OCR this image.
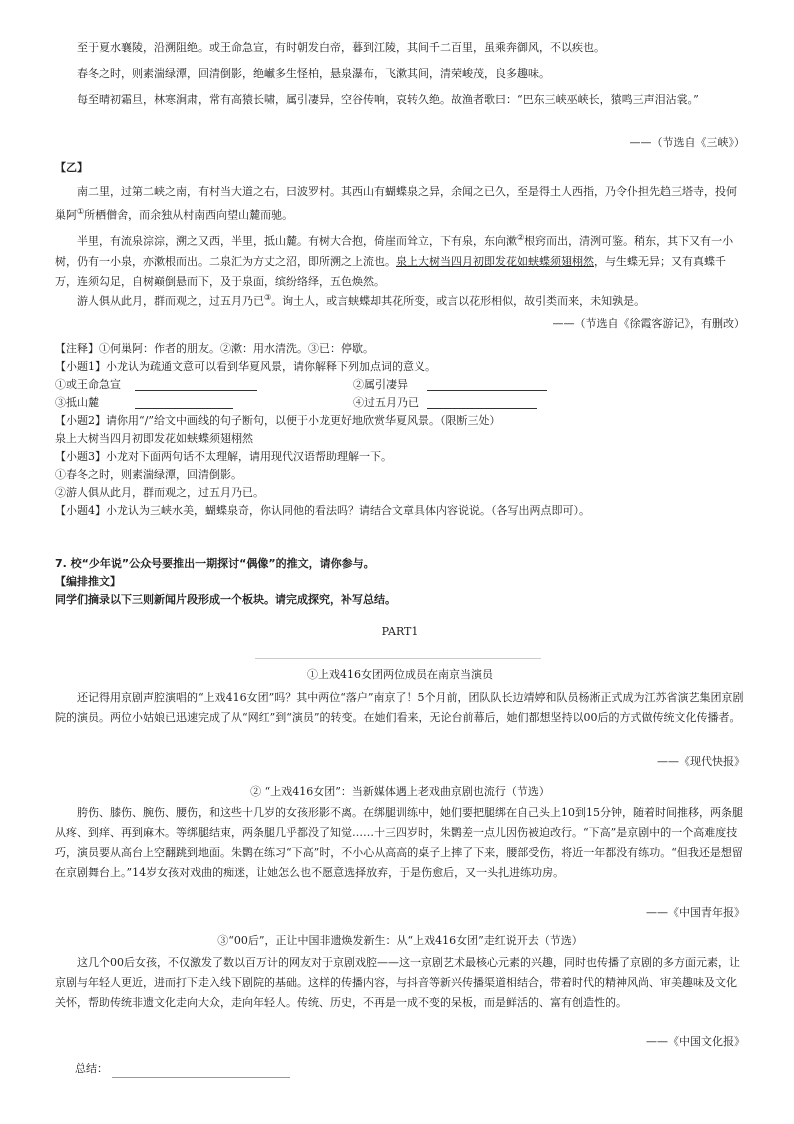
至于夏水襄陵，沿溯阻绝。或王命急宣，有时朝发白帝，暮到江陵，其间千二百里，虽乘奔御风，不以疾也。

春冬之时，则素湍绿潭，回清倒影，绝𪩘多生怪柏，悬泉瀑布，飞漱其间，清荣峻茂，良多趣味。

每至晴初霜旦，林寒涧肃，常有高猿长啸，属引凄异，空谷传响，哀转久绝。故渔者歌曰：“巴东三峡巫峡长，猿鸣三声泪沾裳。”

——（节选自《三峡》）

【乙】

南二里，过第二峡之南，有村当大道之右，曰波罗村。其西山有蝴蝶泉之异，余闻之已久，至是得土人西指，乃令仆担先趋三塔寺，投何巢阿①所栖僧舍，而余独从村南西向望山麓而驰。

半里，有流泉淙淙，溯之又西，半里，抵山麓。有树大合抱，倚崖而耸立，下有泉，东向漱②根窍而出，清洌可鉴。稍东，其下又有一小树，仍有一小泉，亦漱根而出。二泉汇为方丈之沼，即所溯之上流也。泉上大树当四月初即发花如蛱蝶须翅栩然，与生蝶无异；又有真蝶千万，连须勾足，自树巅倒悬而下，及于泉面，缤纷络绎，五色焕然。

游人俱从此月，群而观之，过五月乃已③。询土人，或言蛱蝶却其花所变，或言以花形相似，故引类而来，未知孰是。

——（节选自《徐霞客游记》，有删改）

【注释】①何巢阿：作者的朋友。②漱：用水清洗。③已：停歇。

【小题1】小龙认为疏通文意可以看到华夏风景，请你解释下列加点词的意义。

①或王命急宣	②属引凄异
③抵山麓	④过五月乃已

【小题2】请你用“/”给文中画线的句子断句，以便于小龙更好地欣赏华夏风景。（限断三处）

泉上大树当四月初即发花如蛱蝶须翅栩然

【小题3】小龙对下面两句话不太理解，请用现代汉语帮助理解一下。

①春冬之时，则素湍绿潭，回清倒影。

②游人俱从此月，群而观之，过五月乃已。

【小题4】小龙认为三峡水美，蝴蝶泉奇，你认同他的看法吗？请结合文章具体内容说说。（各写出两点即可）。

7. 校“少年说”公众号要推出一期探讨“偶像”的推文，请你参与。

【编排推文】

同学们摘录以下三则新闻片段形成一个板块。请完成探究，补写总结。

PART1

①上戏416女团两位成员在南京当演员

还记得用京剧声腔演唱的“上戏416女团”吗？其中两位“落户”南京了！5个月前，团队队长边靖婷和队员杨淅正式成为江苏省演艺集团京剧院的演员。两位小姑娘已迅速完成了从“网红”到“演员”的转变。在她们看来，无论台前幕后，她们都想坚持以00后的方式做传统文化传播者。

——《现代快报》

② “上戏416女团”：当新媒体遇上老戏曲京剧也流行（节选）

胯伤、膝伤、腕伤、腰伤，和这些十几岁的女孩形影不离。在绑腿训练中，她们要把腿绑在自己头上10到15分钟，随着时间推移，两条腿从疼、到痒、再到麻木。等绑腿结束，两条腿几乎都没了知觉……十三四岁时，朱鹮差一点儿因伤被迫改行。“下高”是京剧中的一个高难度技巧，演员要从高台上空翻跳到地面。朱鹮在练习“下高”时，不小心从高高的桌子上摔了下来，腰部受伤，将近一年都没有练功。“但我还是想留在京剧舞台上。”14岁女孩对戏曲的痴迷，让她怎么也不愿意选择放弃，于是伤愈后，又一头扎进练功房。

——《中国青年报》

③“00后”，正让中国非遗焕发新生：从“上戏416女团”走红说开去（节选）

这几个00后女孩，不仅激发了数以百万计的网友对于京剧戏腔——这一京剧艺术最核心元素的兴趣，同时也传播了京剧的多方面元素，让京剧与年轻人更近，进而打下走入线下剧院的基础。这样的传播内容，与抖音等新兴传播渠道相结合，带着时代的精神风尚、审美趣味及文化关怀，帮助传统非遗文化走向大众，走向年轻人。传统、历史，不再是一成不变的呆板，而是鲜活的、富有创造性的。

——《中国文化报》

总结：
